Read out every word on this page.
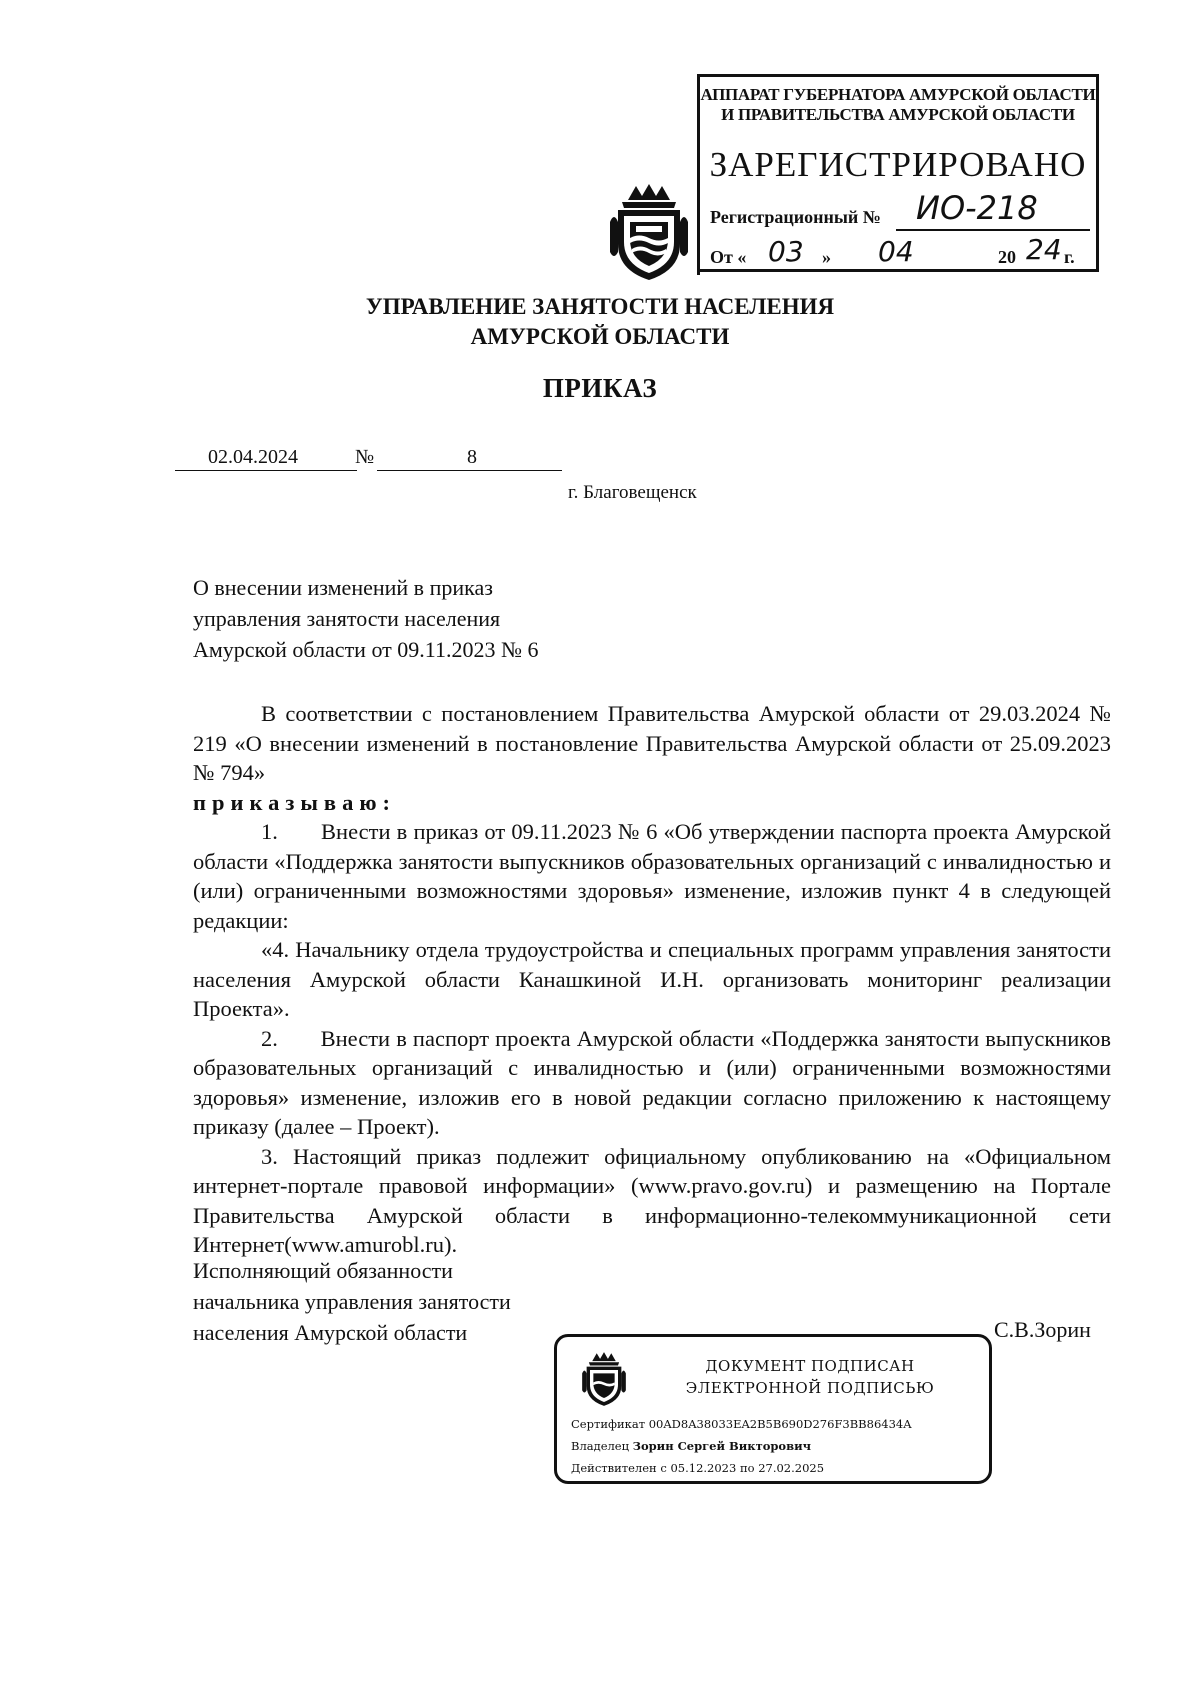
АППАРАТ ГУБЕРНАТОРА АМУРСКОЙ ОБЛАСТИ
И ПРАВИТЕЛЬСТВА АМУРСКОЙ ОБЛАСТИ
ЗАРЕГИСТРИРОВАНО
Регистрационный № ИО-218
От « 03 » 04	20 24 г.
УПРАВЛЕНИЕ ЗАНЯТОСТИ НАСЕЛЕНИЯ
АМУРСКОЙ ОБЛАСТИ
ПРИКАЗ
02.04.2024	№	8
г. Благовещенск
О внесении изменений в приказ
управления занятости населения
Амурской области от 09.11.2023 № 6

В соответствии с постановлением Правительства Амурской области от 29.03.2024 № 219 «О внесении изменений в постановление Правительства Амурской области от 25.09.2023 № 794»

приказываю:

1.       Внести в приказ от 09.11.2023 № 6 «Об утверждении паспорта проекта Амурской области «Поддержка занятости выпускников образовательных организаций с инвалидностью и (или) ограниченными возможностями здоровья» изменение, изложив пункт 4 в следующей редакции:

«4. Начальнику отдела трудоустройства и специальных программ управления занятости населения Амурской области Канашкиной И.Н. организовать мониторинг реализации Проекта».

2.       Внести в паспорт проекта Амурской области «Поддержка занятости выпускников образовательных организаций с инвалидностью и (или) ограниченными возможностями здоровья» изменение, изложив его в новой редакции согласно приложению к настоящему приказу (далее – Проект).

3. Настоящий приказ подлежит официальному опубликованию на «Официальном интернет-портале правовой информации» (www.pravo.gov.ru) и размещению на Портале Правительства Амурской области в информационно-телекоммуникационной сети Интернет(www.amurobl.ru).

Исполняющий обязанности
начальника управления занятости
населения Амурской области	С.В.Зорин
ДОКУМЕНТ ПОДПИСАН
ЭЛЕКТРОННОЙ ПОДПИСЬЮ
Сертификат 00AD8A38033EA2B5B690D276F3BB86434A
Владелец Зорин Сергей Викторович
Действителен с 05.12.2023 по 27.02.2025
